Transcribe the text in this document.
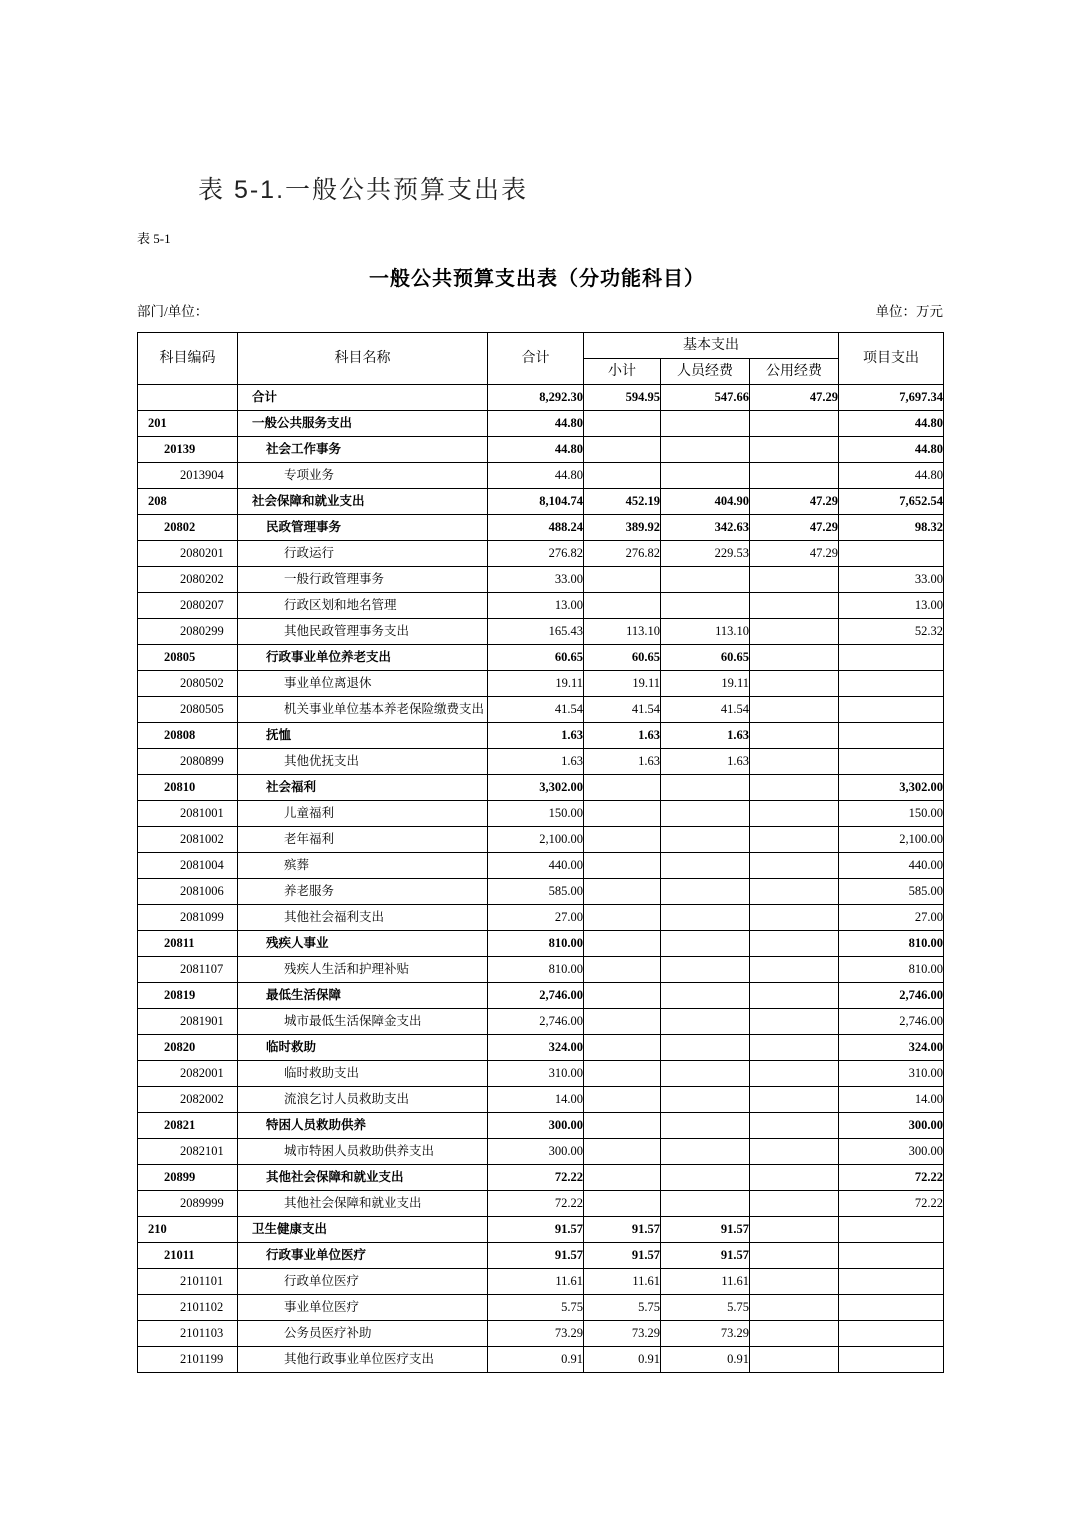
表 5-1.一般公共预算支出表
表 5-1
一般公共预算支出表（分功能科目）
部门/单位：	单位：万元
科目编码	科目名称	合计	基本支出			项目支出
			小计	人员经费	公用经费	
	合计	8,292.30	594.95	547.66	47.29	7,697.34
201	一般公共服务支出	44.80				44.80
20139	社会工作事务	44.80				44.80
2013904	专项业务	44.80				44.80
208	社会保障和就业支出	8,104.74	452.19	404.90	47.29	7,652.54
20802	民政管理事务	488.24	389.92	342.63	47.29	98.32
2080201	行政运行	276.82	276.82	229.53	47.29	
2080202	一般行政管理事务	33.00				33.00
2080207	行政区划和地名管理	13.00				13.00
2080299	其他民政管理事务支出	165.43	113.10	113.10		52.32
20805	行政事业单位养老支出	60.65	60.65	60.65		
2080502	事业单位离退休	19.11	19.11	19.11		
2080505	机关事业单位基本养老保险缴费支出	41.54	41.54	41.54		
20808	抚恤	1.63	1.63	1.63		
2080899	其他优抚支出	1.63	1.63	1.63		
20810	社会福利	3,302.00				3,302.00
2081001	儿童福利	150.00				150.00
2081002	老年福利	2,100.00				2,100.00
2081004	殡葬	440.00				440.00
2081006	养老服务	585.00				585.00
2081099	其他社会福利支出	27.00				27.00
20811	残疾人事业	810.00				810.00
2081107	残疾人生活和护理补贴	810.00				810.00
20819	最低生活保障	2,746.00				2,746.00
2081901	城市最低生活保障金支出	2,746.00				2,746.00
20820	临时救助	324.00				324.00
2082001	临时救助支出	310.00				310.00
2082002	流浪乞讨人员救助支出	14.00				14.00
20821	特困人员救助供养	300.00				300.00
2082101	城市特困人员救助供养支出	300.00				300.00
20899	其他社会保障和就业支出	72.22				72.22
2089999	其他社会保障和就业支出	72.22				72.22
210	卫生健康支出	91.57	91.57	91.57		
21011	行政事业单位医疗	91.57	91.57	91.57		
2101101	行政单位医疗	11.61	11.61	11.61		
2101102	事业单位医疗	5.75	5.75	5.75		
2101103	公务员医疗补助	73.29	73.29	73.29		
2101199	其他行政事业单位医疗支出	0.91	0.91	0.91		
